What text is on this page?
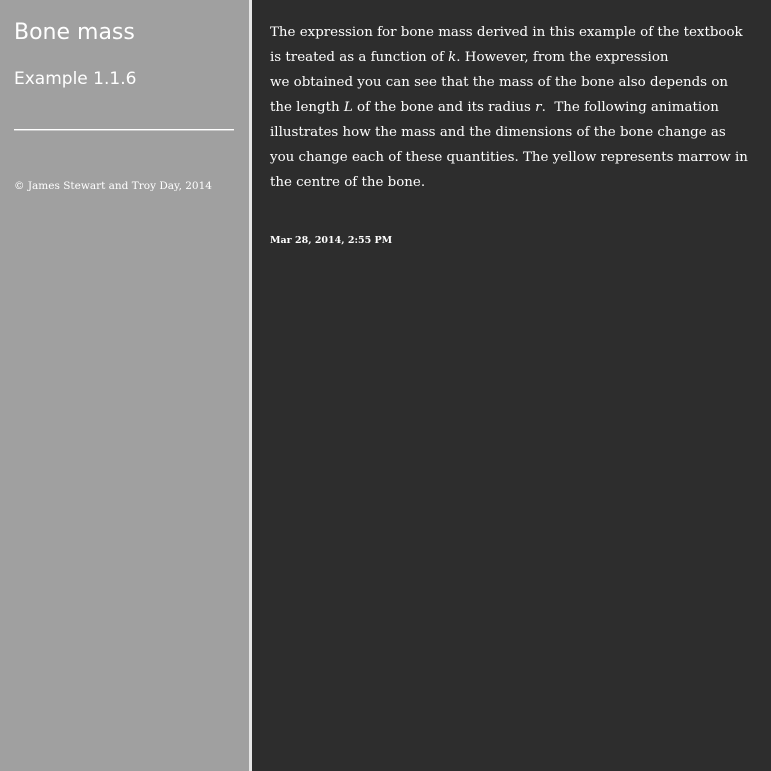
Bone mass
Example 1.1.6
© James Stewart and Troy Day, 2014

The expression for bone mass derived in this example of the textbook
is treated as a function of k. However, from the expression
we obtained you can see that the mass of the bone also depends on
the length L of the bone and its radius r.  The following animation
illustrates how the mass and the dimensions of the bone change as
you change each of these quantities. The yellow represents marrow in
the centre of the bone.

Mar 28, 2014, 2:55 PM
